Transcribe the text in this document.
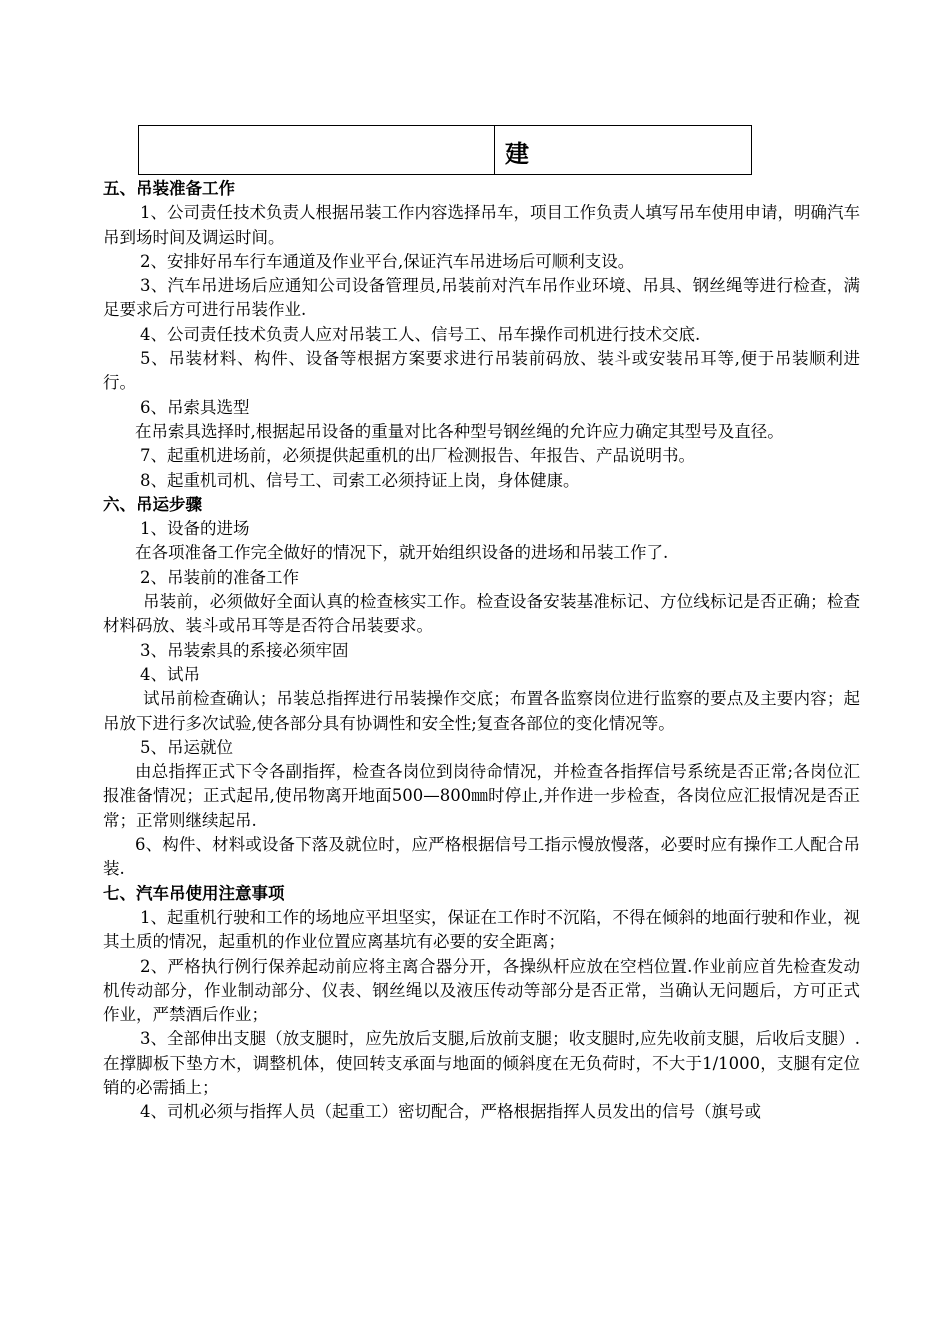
建

五、吊装准备工作

1、公司责任技术负责人根据吊装工作内容选择吊车，项目工作负责人填写吊车使用申请，明确汽车吊到场时间及调运时间。

2、安排好吊车行车通道及作业平台,保证汽车吊进场后可顺利支设。

3、汽车吊进场后应通知公司设备管理员,吊装前对汽车吊作业环境、吊具、钢丝绳等进行检查，满足要求后方可进行吊装作业.

4、公司责任技术负责人应对吊装工人、信号工、吊车操作司机进行技术交底.

5、吊装材料、构件、设备等根据方案要求进行吊装前码放、装斗或安装吊耳等,便于吊装顺利进行。

6、吊索具选型

在吊索具选择时,根据起吊设备的重量对比各种型号钢丝绳的允许应力确定其型号及直径。

7、起重机进场前，必须提供起重机的出厂检测报告、年报告、产品说明书。

8、起重机司机、信号工、司索工必须持证上岗，身体健康。

六、吊运步骤

1、设备的进场

在各项准备工作完全做好的情况下，就开始组织设备的进场和吊装工作了.

2、吊装前的准备工作

吊装前，必须做好全面认真的检查核实工作。检查设备安装基准标记、方位线标记是否正确；检查材料码放、装斗或吊耳等是否符合吊装要求。

3、吊装索具的系接必须牢固

4、试吊

试吊前检查确认；吊装总指挥进行吊装操作交底；布置各监察岗位进行监察的要点及主要内容；起吊放下进行多次试验,使各部分具有协调性和安全性;复查各部位的变化情况等。

5、吊运就位

由总指挥正式下令各副指挥，检查各岗位到岗待命情况，并检查各指挥信号系统是否正常;各岗位汇报准备情况；正式起吊,使吊物离开地面500—800㎜时停止,并作进一步检查，各岗位应汇报情况是否正常；正常则继续起吊.

6、构件、材料或设备下落及就位时，应严格根据信号工指示慢放慢落，必要时应有操作工人配合吊装.

七、汽车吊使用注意事项

1、起重机行驶和工作的场地应平坦坚实，保证在工作时不沉陷，不得在倾斜的地面行驶和作业，视其土质的情况，起重机的作业位置应离基坑有必要的安全距离；

2、严格执行例行保养起动前应将主离合器分开，各操纵杆应放在空档位置.作业前应首先检查发动机传动部分，作业制动部分、仪表、钢丝绳以及液压传动等部分是否正常，当确认无问题后，方可正式作业，严禁酒后作业；

3、全部伸出支腿（放支腿时，应先放后支腿,后放前支腿；收支腿时,应先收前支腿，后收后支腿）.在撑脚板下垫方木，调整机体，使回转支承面与地面的倾斜度在无负荷时，不大于1/1000，支腿有定位销的必需插上；

4、司机必须与指挥人员（起重工）密切配合，严格根据指挥人员发出的信号（旗号或
